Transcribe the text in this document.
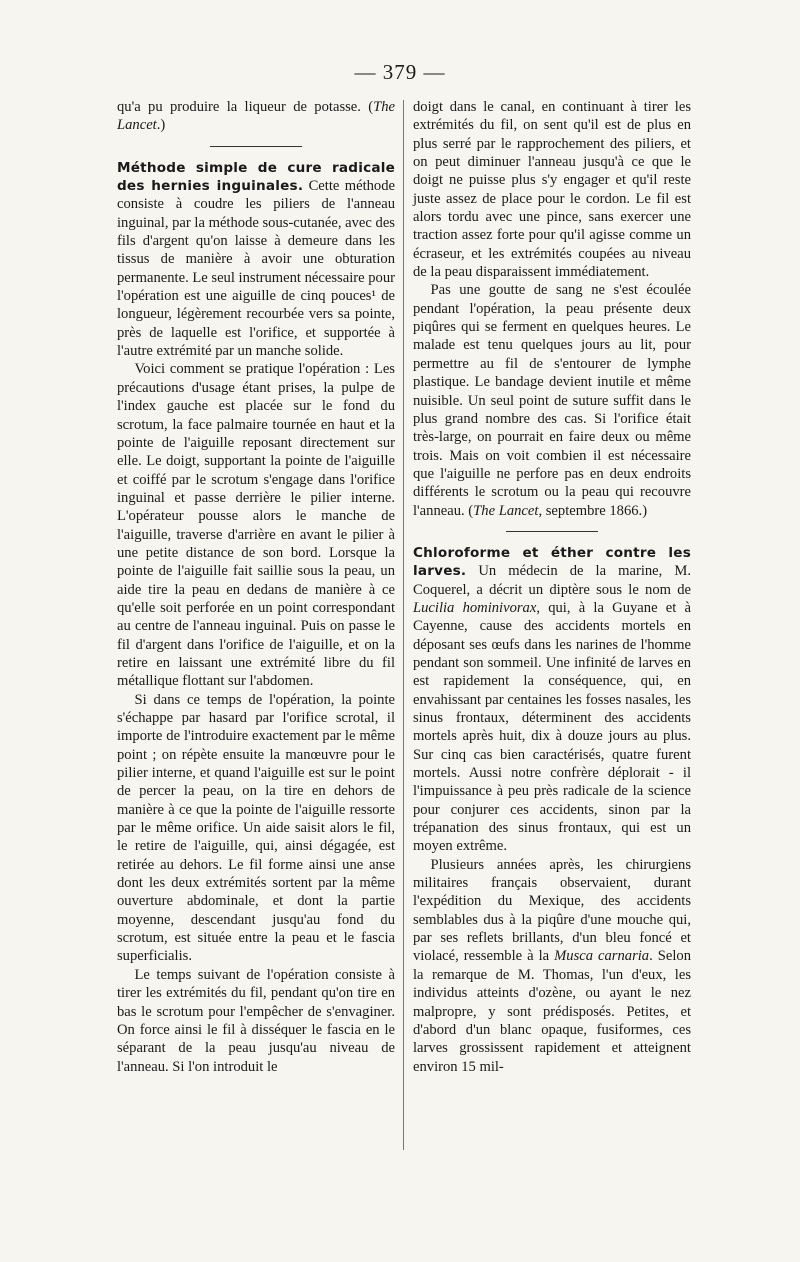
— 379 —

qu'a pu produire la liqueur de potasse. (The Lancet.)

Méthode simple de cure radicale des hernies inguinales. Cette méthode consiste à coudre les piliers de l'anneau inguinal, par la méthode sous-cutanée, avec des fils d'argent qu'on laisse à demeure dans les tissus de manière à avoir une obturation permanente. Le seul instrument nécessaire pour l'opération est une aiguille de cinq pouces¹ de longueur, légèrement recourbée vers sa pointe, près de laquelle est l'orifice, et supportée à l'autre extrémité par un manche solide.

Voici comment se pratique l'opération : Les précautions d'usage étant prises, la pulpe de l'index gauche est placée sur le fond du scrotum, la face palmaire tournée en haut et la pointe de l'aiguille reposant directement sur elle. Le doigt, supportant la pointe de l'aiguille et coiffé par le scrotum s'engage dans l'orifice inguinal et passe derrière le pilier interne. L'opérateur pousse alors le manche de l'aiguille, traverse d'arrière en avant le pilier à une petite distance de son bord. Lorsque la pointe de l'aiguille fait saillie sous la peau, un aide tire la peau en dedans de manière à ce qu'elle soit perforée en un point correspondant au centre de l'anneau inguinal. Puis on passe le fil d'argent dans l'orifice de l'aiguille, et on la retire en laissant une extrémité libre du fil métallique flottant sur l'abdomen.

Si dans ce temps de l'opération, la pointe s'échappe par hasard par l'orifice scrotal, il importe de l'introduire exactement par le même point ; on répète ensuite la manœuvre pour le pilier interne, et quand l'aiguille est sur le point de percer la peau, on la tire en dehors de manière à ce que la pointe de l'aiguille ressorte par le même orifice. Un aide saisit alors le fil, le retire de l'aiguille, qui, ainsi dégagée, est retirée au dehors. Le fil forme ainsi une anse dont les deux extrémités sortent par la même ouverture abdominale, et dont la partie moyenne, descendant jusqu'au fond du scrotum, est située entre la peau et le fascia superficialis.

Le temps suivant de l'opération consiste à tirer les extrémités du fil, pendant qu'on tire en bas le scrotum pour l'empêcher de s'envaginer. On force ainsi le fil à disséquer le fascia en le séparant de la peau jusqu'au niveau de l'anneau. Si l'on introduit le

doigt dans le canal, en continuant à tirer les extrémités du fil, on sent qu'il est de plus en plus serré par le rapprochement des piliers, et on peut diminuer l'anneau jusqu'à ce que le doigt ne puisse plus s'y engager et qu'il reste juste assez de place pour le cordon. Le fil est alors tordu avec une pince, sans exercer une traction assez forte pour qu'il agisse comme un écraseur, et les extrémités coupées au niveau de la peau disparaissent immédiatement.

Pas une goutte de sang ne s'est écoulée pendant l'opération, la peau présente deux piqûres qui se ferment en quelques heures. Le malade est tenu quelques jours au lit, pour permettre au fil de s'entourer de lymphe plastique. Le bandage devient inutile et même nuisible. Un seul point de suture suffit dans le plus grand nombre des cas. Si l'orifice était très-large, on pourrait en faire deux ou même trois. Mais on voit combien il est nécessaire que l'aiguille ne perfore pas en deux endroits différents le scrotum ou la peau qui recouvre l'anneau. (The Lancet, septembre 1866.)

Chloroforme et éther contre les larves. Un médecin de la marine, M. Coquerel, a décrit un diptère sous le nom de Lucilia hominivorax, qui, à la Guyane et à Cayenne, cause des accidents mortels en déposant ses œufs dans les narines de l'homme pendant son sommeil. Une infinité de larves en est rapidement la conséquence, qui, en envahissant par centaines les fosses nasales, les sinus frontaux, déterminent des accidents mortels après huit, dix à douze jours au plus. Sur cinq cas bien caractérisés, quatre furent mortels. Aussi notre confrère déplorait - il l'impuissance à peu près radicale de la science pour conjurer ces accidents, sinon par la trépanation des sinus frontaux, qui est un moyen extrême.

Plusieurs années après, les chirurgiens militaires français observaient, durant l'expédition du Mexique, des accidents semblables dus à la piqûre d'une mouche qui, par ses reflets brillants, d'un bleu foncé et violacé, ressemble à la Musca carnaria. Selon la remarque de M. Thomas, l'un d'eux, les individus atteints d'ozène, ou ayant le nez malpropre, y sont prédisposés. Petites, et d'abord d'un blanc opaque, fusiformes, ces larves grossissent rapidement et atteignent environ 15 mil-
